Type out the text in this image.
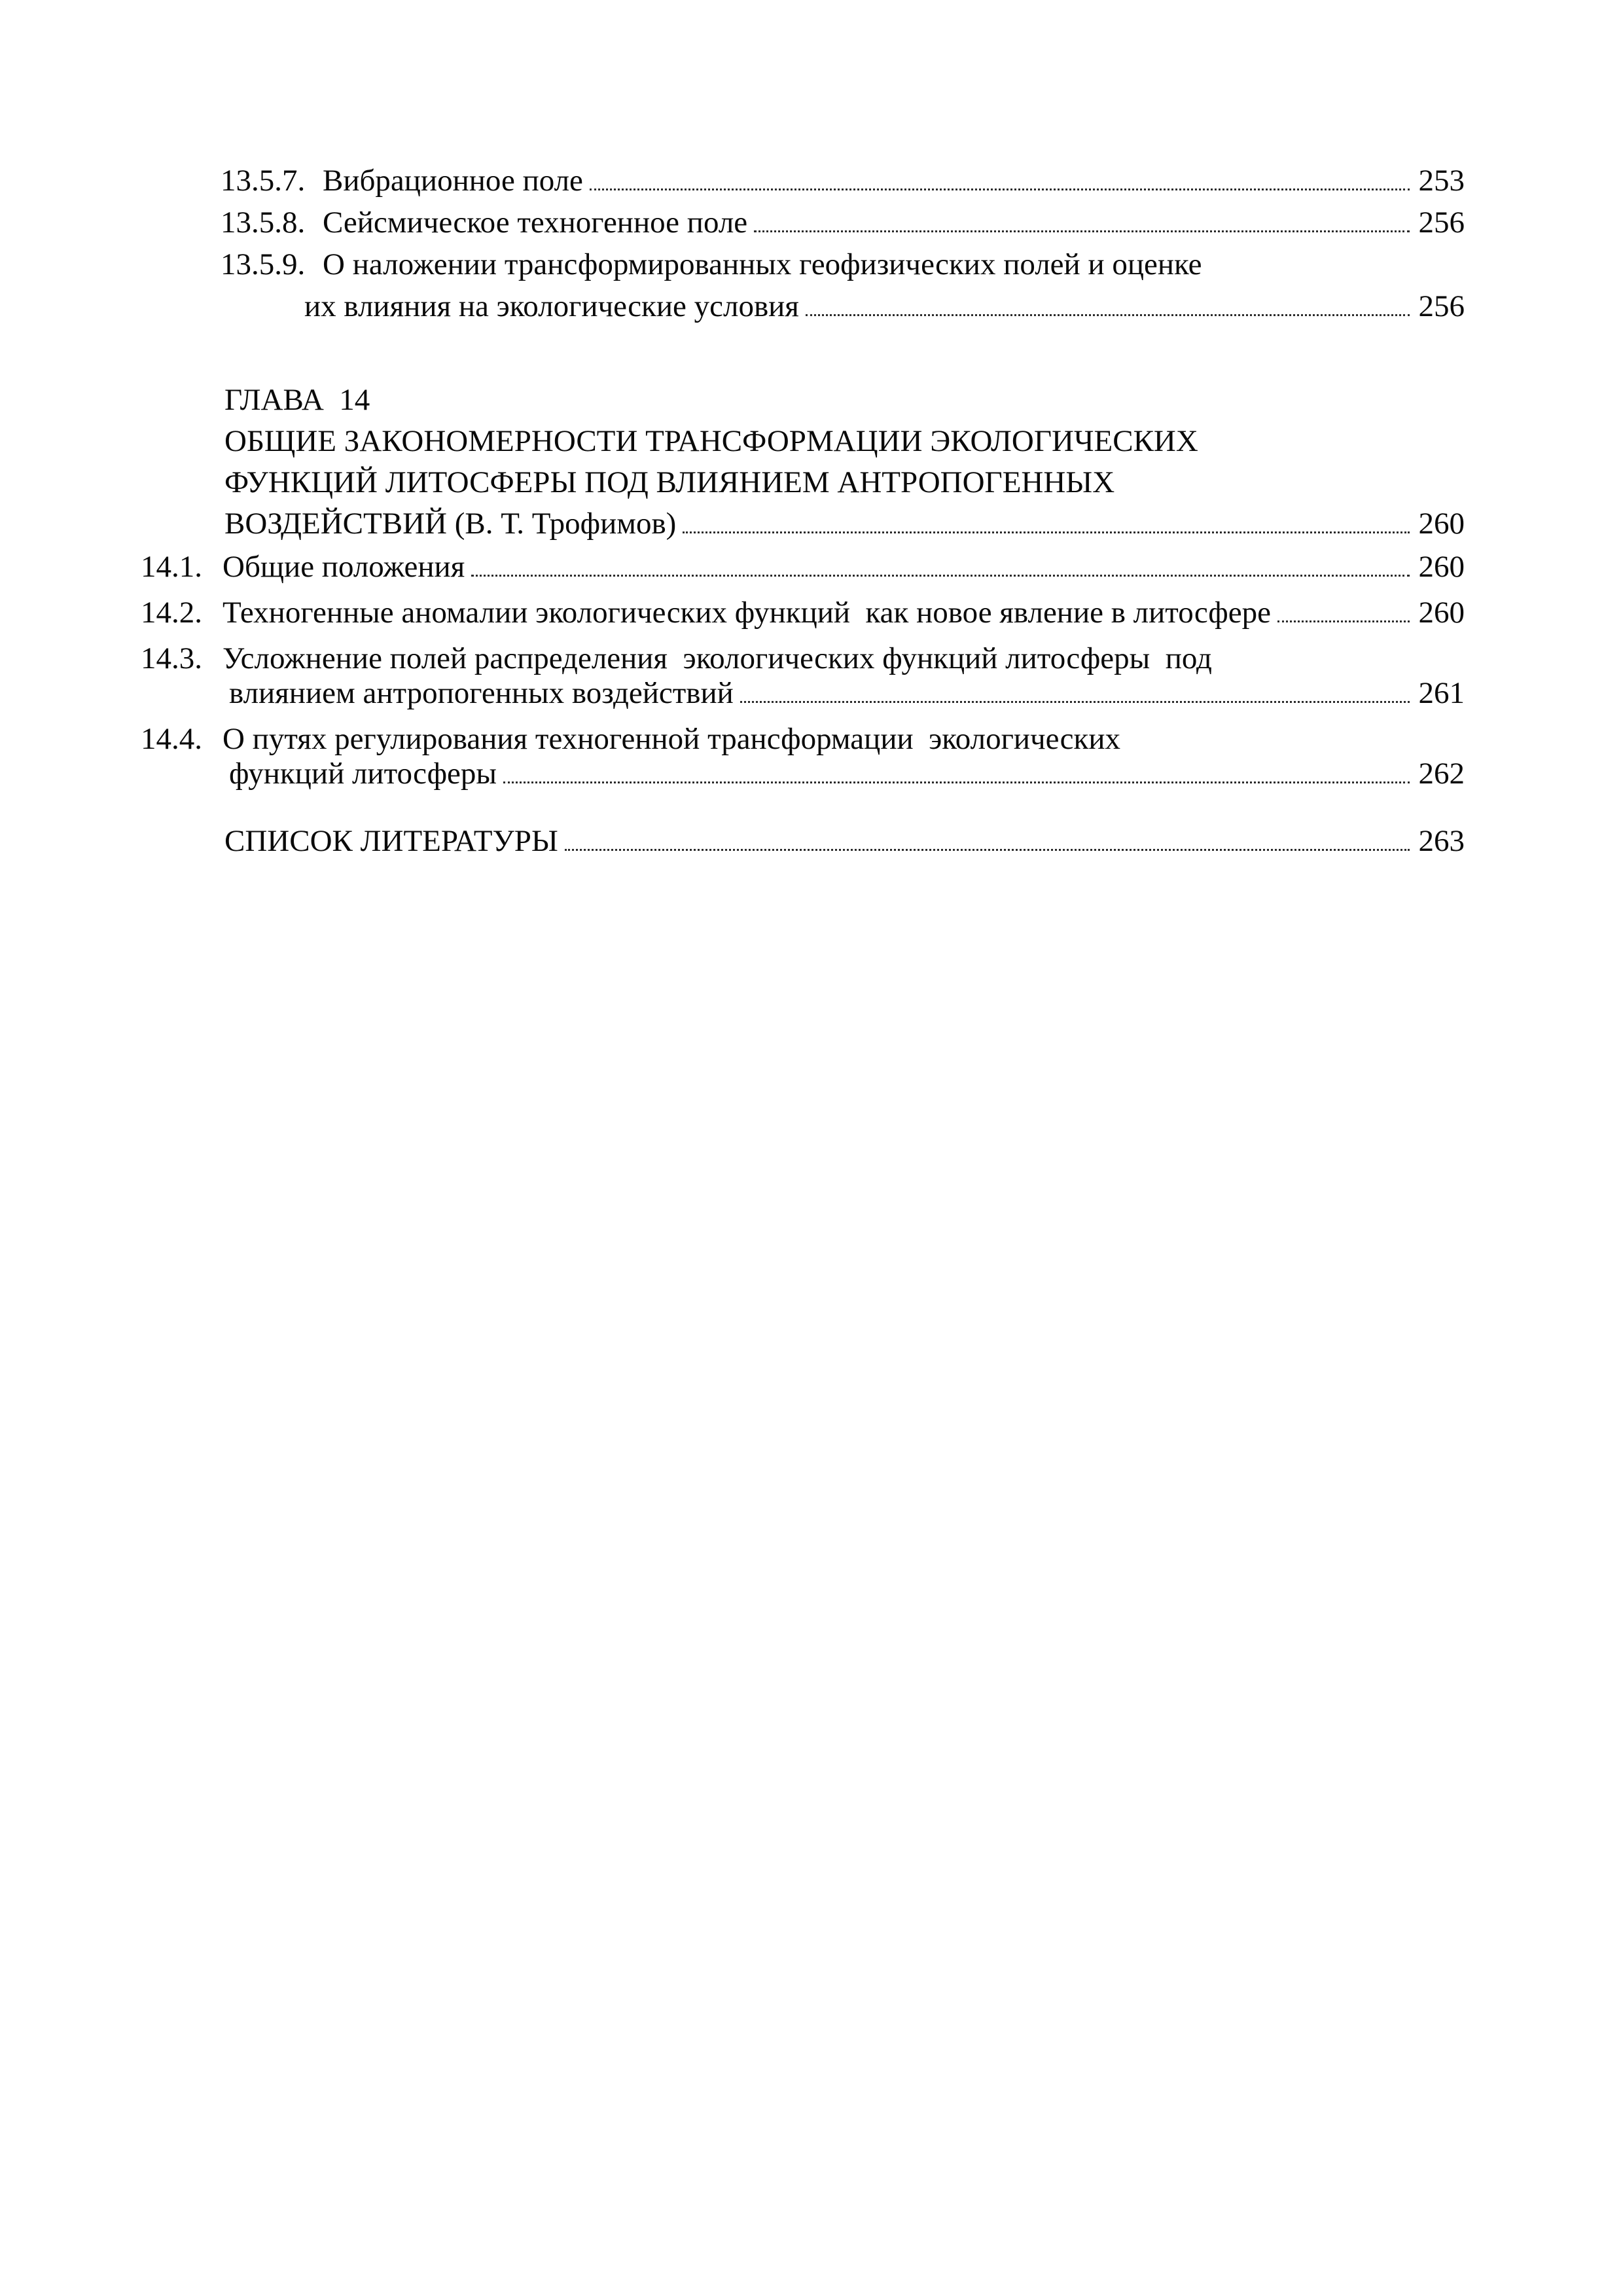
13.5.7. Вибрационное поле	253
13.5.8. Сейсмическое техногенное поле	256
13.5.9. О наложении трансформированных геофизических полей и оценке
их влияния на экологические условия	256
ГЛАВА  14
ОБЩИЕ ЗАКОНОМЕРНОСТИ ТРАНСФОРМАЦИИ ЭКОЛОГИЧЕСКИХ
ФУНКЦИЙ ЛИТОСФЕРЫ ПОД ВЛИЯНИЕМ АНТРОПОГЕННЫХ
ВОЗДЕЙСТВИЙ (В. Т. Трофимов)	260
14.1. Общие положения	260
14.2. Техногенные аномалии экологических функций  как новое явление в литосфере	260
14.3. Усложнение полей распределения  экологических функций литосферы  под
влиянием антропогенных воздействий	261
14.4. О путях регулирования техногенной трансформации  экологических
функций литосферы	262
СПИСОК ЛИТЕРАТУРЫ	263
